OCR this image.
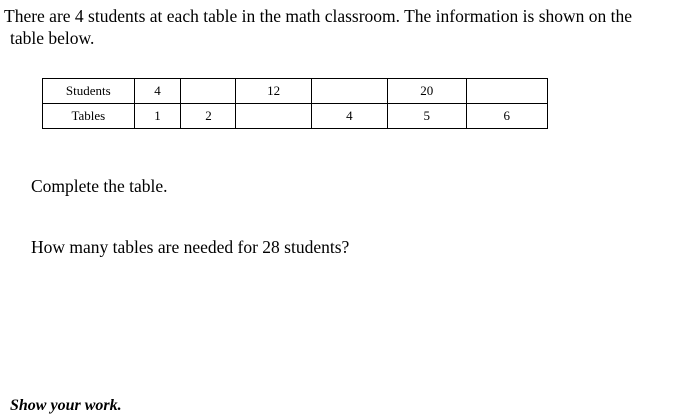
There are 4 students at each table in the math classroom. The information is shown on the
table below.
Students	4		12		20	
Tables	1	2		4	5	6
Complete the table.
How many tables are needed for 28 students?
Show your work.
